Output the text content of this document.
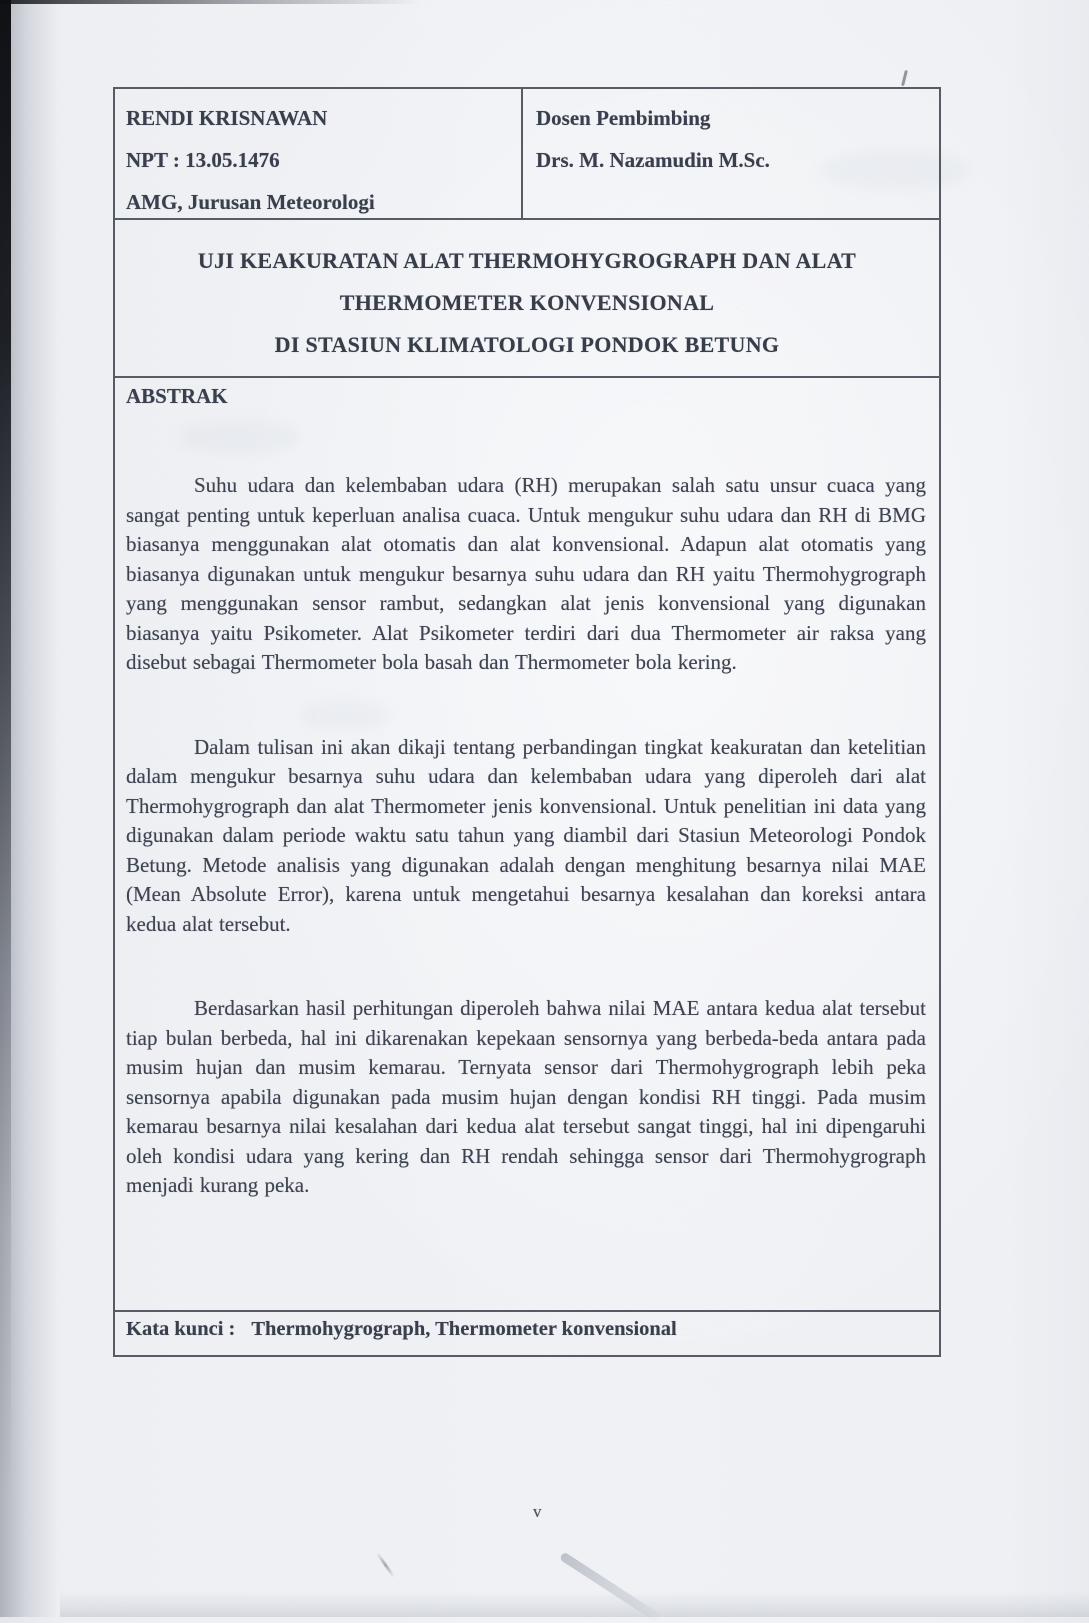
RENDI KRISNAWAN
NPT : 13.05.1476
AMG, Jurusan Meteorologi
Dosen Pembimbing
Drs. M. Nazamudin M.Sc.
UJI KEAKURATAN ALAT THERMOHYGROGRAPH DAN ALAT
THERMOMETER KONVENSIONAL
DI STASIUN KLIMATOLOGI PONDOK BETUNG
ABSTRAK

Suhu udara dan kelembaban udara (RH) merupakan salah satu unsur cuaca yang sangat penting untuk keperluan analisa cuaca. Untuk mengukur suhu udara dan RH di BMG biasanya menggunakan alat otomatis dan alat konvensional. Adapun alat otomatis yang biasanya digunakan untuk mengukur besarnya suhu udara dan RH yaitu Thermohygrograph yang menggunakan sensor rambut, sedangkan alat jenis konvensional yang digunakan biasanya yaitu Psikometer. Alat Psikometer terdiri dari dua Thermometer air raksa yang disebut sebagai Thermometer bola basah dan Thermometer bola kering.

Dalam tulisan ini akan dikaji tentang perbandingan tingkat keakuratan dan ketelitian dalam mengukur besarnya suhu udara dan kelembaban udara yang diperoleh dari alat Thermohygrograph dan alat Thermometer jenis konvensional. Untuk penelitian ini data yang digunakan dalam periode waktu satu tahun yang diambil dari Stasiun Meteorologi Pondok Betung. Metode analisis yang digunakan adalah dengan menghitung besarnya nilai MAE (Mean Absolute Error), karena untuk mengetahui besarnya kesalahan dan koreksi antara kedua alat tersebut.

Berdasarkan hasil perhitungan diperoleh bahwa nilai MAE antara kedua alat tersebut tiap bulan berbeda, hal ini dikarenakan kepekaan sensornya yang berbeda-beda antara pada musim hujan dan musim kemarau. Ternyata sensor dari Thermohygrograph lebih peka sensornya apabila digunakan pada musim hujan dengan kondisi RH tinggi. Pada musim kemarau besarnya nilai kesalahan dari kedua alat tersebut sangat tinggi, hal ini dipengaruhi oleh kondisi udara yang kering dan RH rendah sehingga sensor dari Thermohygrograph menjadi kurang peka.

Kata kunci : Thermohygrograph, Thermometer konvensional
v
